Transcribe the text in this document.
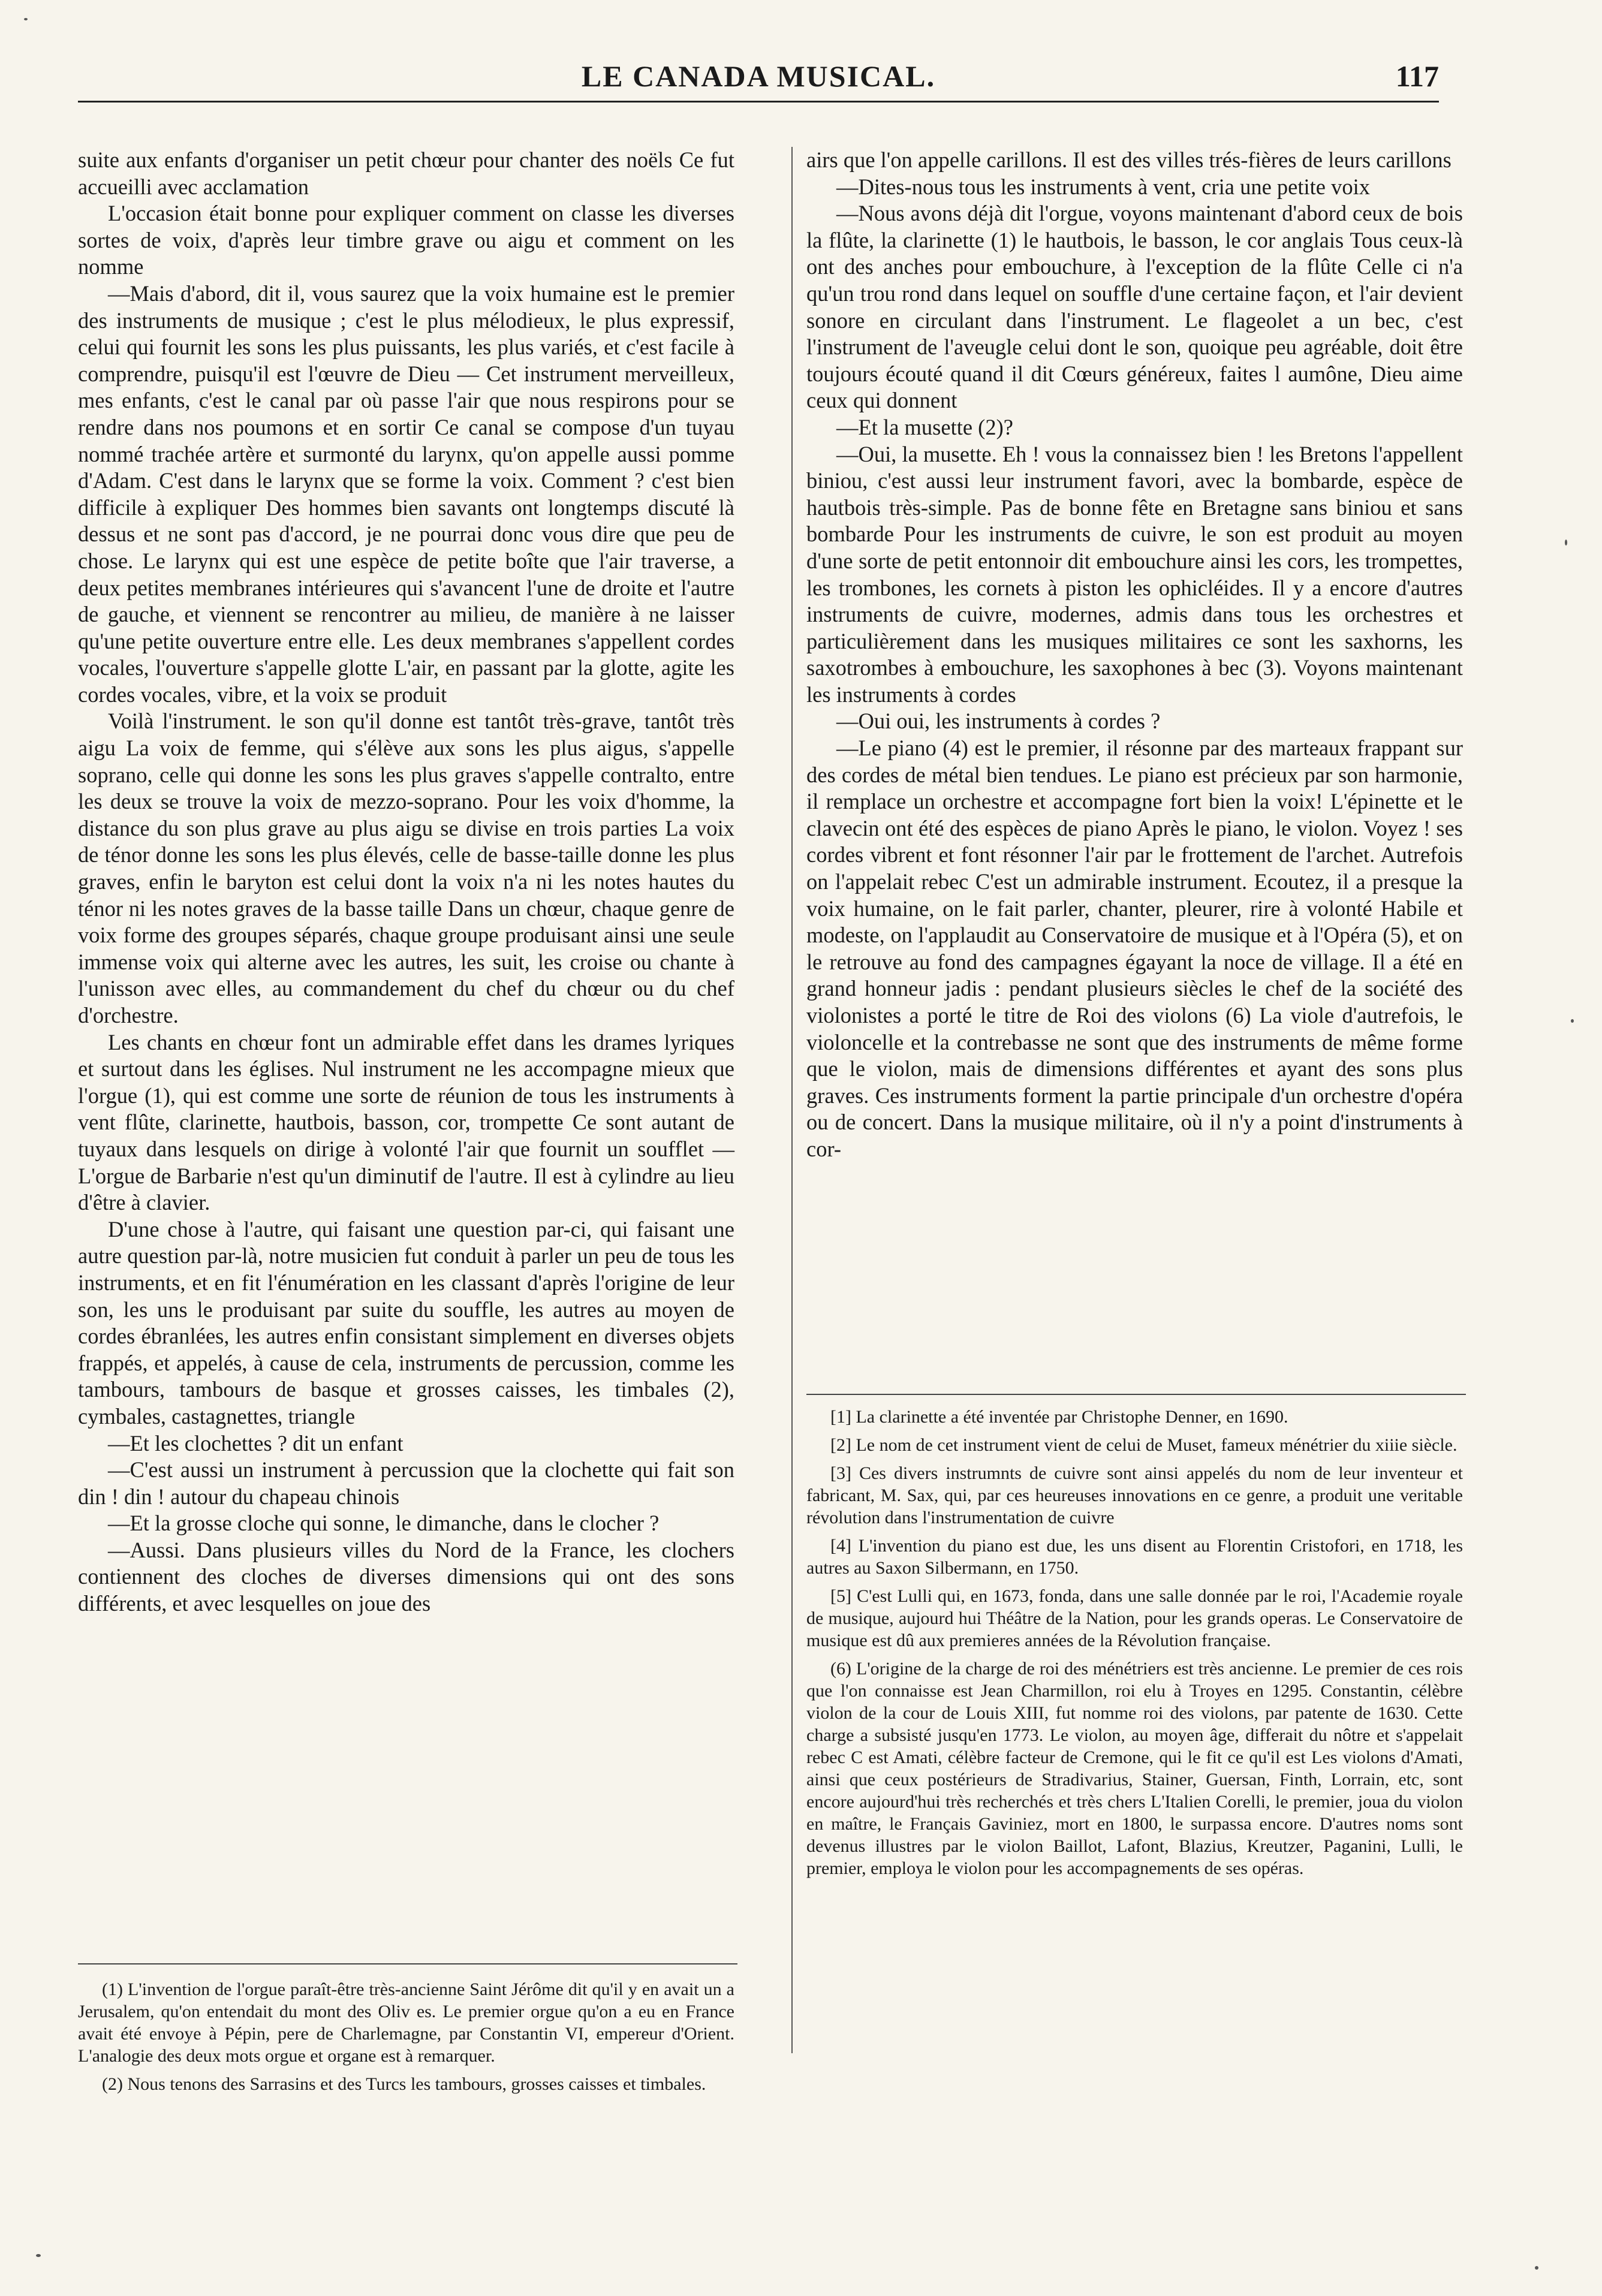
LE CANADA MUSICAL.	117

suite aux enfants d'organiser un petit chœur pour chanter des noëls Ce fut accueilli avec acclamation

L'occasion était bonne pour expliquer comment on classe les diverses sortes de voix, d'après leur timbre grave ou aigu et comment on les nomme

—Mais d'abord, dit il, vous saurez que la voix humaine est le premier des instruments de musique ; c'est le plus mélodieux, le plus expressif, celui qui fournit les sons les plus puissants, les plus variés, et c'est facile à comprendre, puisqu'il est l'œuvre de Dieu — Cet instrument merveilleux, mes enfants, c'est le canal par où passe l'air que nous respirons pour se rendre dans nos poumons et en sortir Ce canal se compose d'un tuyau nommé trachée artère et surmonté du larynx, qu'on appelle aussi pomme d'Adam. C'est dans le larynx que se forme la voix. Comment ? c'est bien difficile à expliquer Des hommes bien savants ont longtemps discuté là dessus et ne sont pas d'accord, je ne pourrai donc vous dire que peu de chose. Le larynx qui est une espèce de petite boîte que l'air traverse, a deux petites membranes intérieures qui s'avancent l'une de droite et l'autre de gauche, et viennent se rencontrer au milieu, de manière à ne laisser qu'une petite ouverture entre elle. Les deux membranes s'appellent cordes vocales, l'ouverture s'appelle glotte L'air, en passant par la glotte, agite les cordes vocales, vibre, et la voix se produit

Voilà l'instrument. le son qu'il donne est tantôt très-grave, tantôt très aigu La voix de femme, qui s'élève aux sons les plus aigus, s'appelle soprano, celle qui donne les sons les plus graves s'appelle contralto, entre les deux se trouve la voix de mezzo-soprano. Pour les voix d'homme, la distance du son plus grave au plus aigu se divise en trois parties La voix de ténor donne les sons les plus élevés, celle de basse-taille donne les plus graves, enfin le baryton est celui dont la voix n'a ni les notes hautes du ténor ni les notes graves de la basse taille Dans un chœur, chaque genre de voix forme des groupes séparés, chaque groupe produisant ainsi une seule immense voix qui alterne avec les autres, les suit, les croise ou chante à l'unisson avec elles, au commandement du chef du chœur ou du chef d'orchestre.

Les chants en chœur font un admirable effet dans les drames lyriques et surtout dans les églises. Nul instrument ne les accompagne mieux que l'orgue (1), qui est comme une sorte de réunion de tous les instruments à vent flûte, clarinette, hautbois, basson, cor, trompette Ce sont autant de tuyaux dans lesquels on dirige à volonté l'air que fournit un soufflet —L'orgue de Barbarie n'est qu'un diminutif de l'autre. Il est à cylindre au lieu d'être à clavier.

D'une chose à l'autre, qui faisant une question par-ci, qui faisant une autre question par-là, notre musicien fut conduit à parler un peu de tous les instruments, et en fit l'énumération en les classant d'après l'origine de leur son, les uns le produisant par suite du souffle, les autres au moyen de cordes ébranlées, les autres enfin consistant simplement en diverses objets frappés, et appelés, à cause de cela, instruments de percussion, comme les tambours, tambours de basque et grosses caisses, les timbales (2), cymbales, castagnettes, triangle

—Et les clochettes ? dit un enfant

—C'est aussi un instrument à percussion que la clochette qui fait son din ! din ! autour du chapeau chinois

—Et la grosse cloche qui sonne, le dimanche, dans le clocher ?

—Aussi. Dans plusieurs villes du Nord de la France, les clochers contiennent des cloches de diverses dimensions qui ont des sons différents, et avec lesquelles on joue des

(1) L'invention de l'orgue paraît-être très-ancienne Saint Jérôme dit qu'il y en avait un a Jerusalem, qu'on entendait du mont des Oliv es. Le premier orgue qu'on a eu en France avait été envoye à Pépin, pere de Charlemagne, par Constantin VI, empereur d'Orient. L'analogie des deux mots orgue et organe est à remarquer.

(2) Nous tenons des Sarrasins et des Turcs les tambours, grosses caisses et timbales.

airs que l'on appelle carillons. Il est des villes trés-fières de leurs carillons

—Dites-nous tous les instruments à vent, cria une petite voix

—Nous avons déjà dit l'orgue, voyons maintenant d'abord ceux de bois la flûte, la clarinette (1) le hautbois, le basson, le cor anglais Tous ceux-là ont des anches pour embouchure, à l'exception de la flûte Celle ci n'a qu'un trou rond dans lequel on souffle d'une certaine façon, et l'air devient sonore en circulant dans l'instrument. Le flageolet a un bec, c'est l'instrument de l'aveugle celui dont le son, quoique peu agréable, doit être toujours écouté quand il dit Cœurs généreux, faites l aumône, Dieu aime ceux qui donnent

—Et la musette (2)?

—Oui, la musette. Eh ! vous la connaissez bien ! les Bretons l'appellent biniou, c'est aussi leur instrument favori, avec la bombarde, espèce de hautbois très-simple. Pas de bonne fête en Bretagne sans biniou et sans bombarde Pour les instruments de cuivre, le son est produit au moyen d'une sorte de petit entonnoir dit embouchure ainsi les cors, les trompettes, les trombones, les cornets à piston les ophicléides. Il y a encore d'autres instruments de cuivre, modernes, admis dans tous les orchestres et particulièrement dans les musiques militaires ce sont les saxhorns, les saxotrombes à embouchure, les saxophones à bec (3). Voyons maintenant les instruments à cordes

—Oui oui, les instruments à cordes ?

—Le piano (4) est le premier, il résonne par des marteaux frappant sur des cordes de métal bien tendues. Le piano est précieux par son harmonie, il remplace un orchestre et accompagne fort bien la voix! L'épinette et le clavecin ont été des espèces de piano Après le piano, le violon. Voyez ! ses cordes vibrent et font résonner l'air par le frottement de l'archet. Autrefois on l'appelait rebec C'est un admirable instrument. Ecoutez, il a presque la voix humaine, on le fait parler, chanter, pleurer, rire à volonté Habile et modeste, on l'applaudit au Conservatoire de musique et à l'Opéra (5), et on le retrouve au fond des campagnes égayant la noce de village. Il a été en grand honneur jadis : pendant plusieurs siècles le chef de la société des violonistes a porté le titre de Roi des violons (6) La viole d'autrefois, le violoncelle et la contrebasse ne sont que des instruments de même forme que le violon, mais de dimensions différentes et ayant des sons plus graves. Ces instruments forment la partie principale d'un orchestre d'opéra ou de concert. Dans la musique militaire, où il n'y a point d'instruments à cor-

[1] La clarinette a été inventée par Christophe Denner, en 1690.

[2] Le nom de cet instrument vient de celui de Muset, fameux ménétrier du xiiie siècle.

[3] Ces divers instrumnts de cuivre sont ainsi appelés du nom de leur inventeur et fabricant, M. Sax, qui, par ces heureuses innovations en ce genre, a produit une veritable révolution dans l'instrumentation de cuivre

[4] L'invention du piano est due, les uns disent au Florentin Cristofori, en 1718, les autres au Saxon Silbermann, en 1750.

[5] C'est Lulli qui, en 1673, fonda, dans une salle donnée par le roi, l'Academie royale de musique, aujourd hui Théâtre de la Nation, pour les grands operas. Le Conservatoire de musique est dû aux premieres années de la Révolution française.

(6) L'origine de la charge de roi des ménétriers est très ancienne. Le premier de ces rois que l'on connaisse est Jean Charmillon, roi elu à Troyes en 1295. Constantin, célèbre violon de la cour de Louis XIII, fut nomme roi des violons, par patente de 1630. Cette charge a subsisté jusqu'en 1773. Le violon, au moyen âge, differait du nôtre et s'appelait rebec C est Amati, célèbre facteur de Cremone, qui le fit ce qu'il est Les violons d'Amati, ainsi que ceux postérieurs de Stradivarius, Stainer, Guersan, Finth, Lorrain, etc, sont encore aujourd'hui très recherchés et très chers L'Italien Corelli, le premier, joua du violon en maître, le Français Gaviniez, mort en 1800, le surpassa encore. D'autres noms sont devenus illustres par le violon Baillot, Lafont, Blazius, Kreutzer, Paganini, Lulli, le premier, employa le violon pour les accompagnements de ses opéras.
